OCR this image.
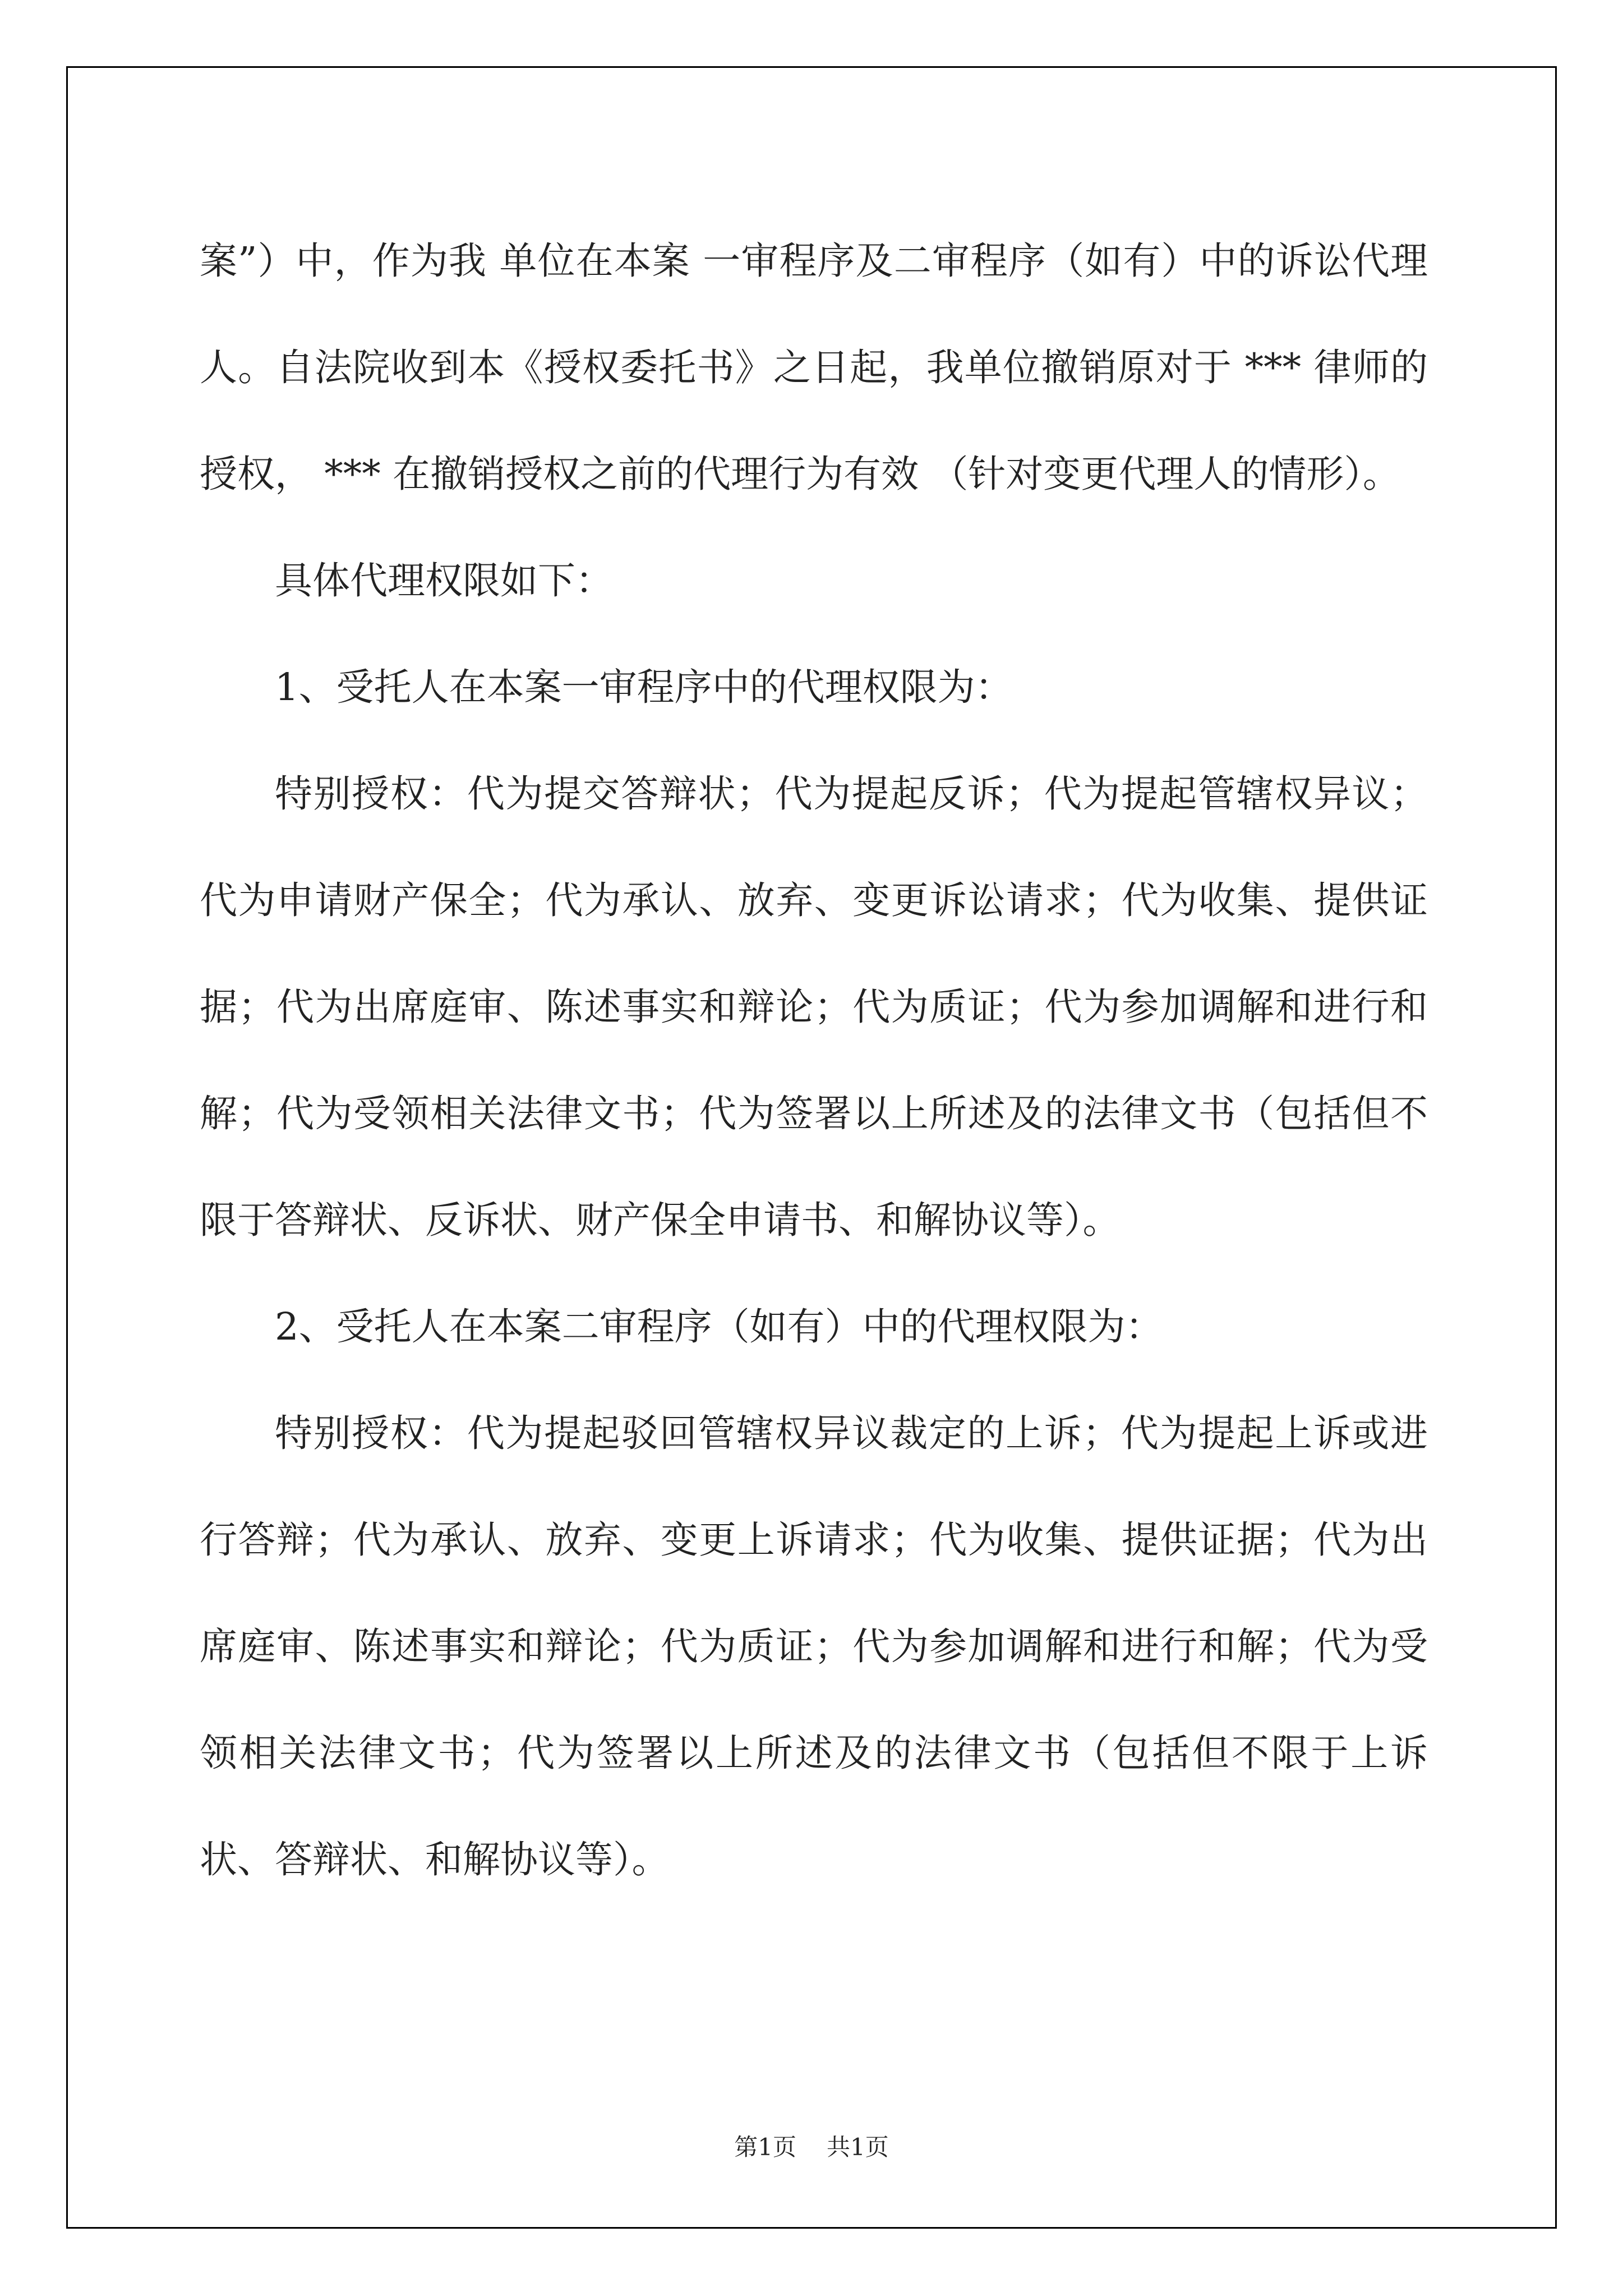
案”）中，作为我 单位在本案 一审程序及二审程序（如有）中的诉讼代理人。自法院收到本《授权委托书》之日起，我单位撤销原对于 *** 律师的授权， *** 在撤销授权之前的代理行为有效 （针对变更代理人的情形）。

具体代理权限如下：

1、受托人在本案一审程序中的代理权限为：

特别授权：代为提交答辩状；代为提起反诉；代为提起管辖权异议；代为申请财产保全；代为承认、放弃、变更诉讼请求；代为收集、提供证据；代为出席庭审、陈述事实和辩论；代为质证；代为参加调解和进行和解；代为受领相关法律文书；代为签署以上所述及的法律文书（包括但不限于答辩状、反诉状、财产保全申请书、和解协议等）。

2、受托人在本案二审程序（如有）中的代理权限为：

特别授权：代为提起驳回管辖权异议裁定的上诉；代为提起上诉或进行答辩；代为承认、放弃、变更上诉请求；代为收集、提供证据；代为出席庭审、陈述事实和辩论；代为质证；代为参加调解和进行和解；代为受领相关法律文书；代为签署以上所述及的法律文书（包括但不限于上诉状、答辩状、和解协议等）。

第1页 共1页
